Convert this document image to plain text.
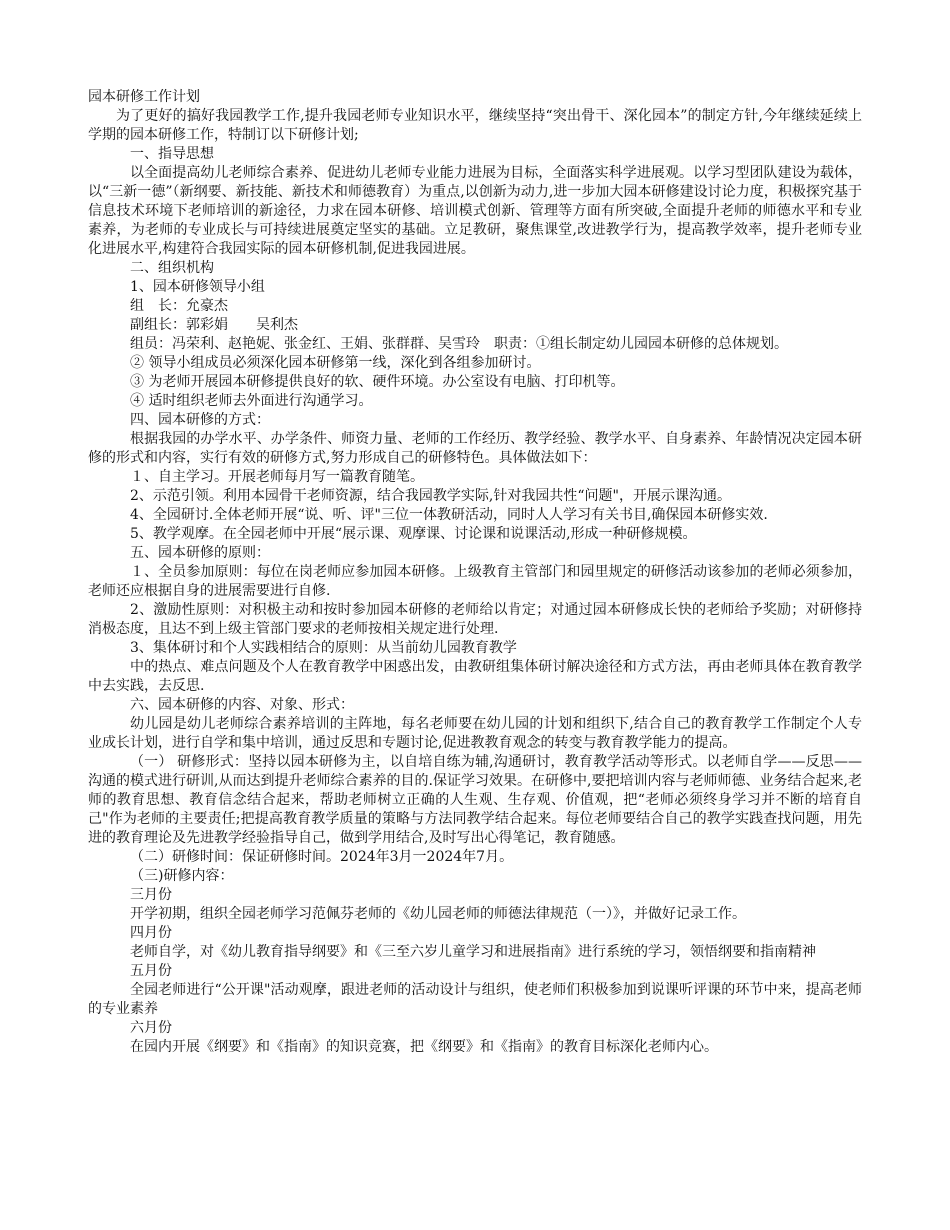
园本研修工作计划

为了更好的搞好我园教学工作,提升我园老师专业知识水平，继续坚持“突出骨干、深化园本”的制定方针,今年继续延续上学期的园本研修工作，特制订以下研修计划;

一、指导思想

以全面提高幼儿老师综合素养、促进幼儿老师专业能力进展为目标，全面落实科学进展观。以学习型团队建设为载体，以“三新一德”（新纲要、新技能、新技术和师德教育）为重点,以创新为动力,进一步加大园本研修建设讨论力度，积极探究基于信息技术环境下老师培训的新途径，力求在园本研修、培训模式创新、管理等方面有所突破,全面提升老师的师德水平和专业素养，为老师的专业成长与可持续进展奠定坚实的基础。立足教研，聚焦课堂,改进教学行为，提高教学效率，提升老师专业化进展水平,构建符合我园实际的园本研修机制,促进我园进展。

二、组织机构

1、园本研修领导小组

组　长：允豪杰

副组长：郭彩娟　　吴利杰

组员：冯荣利、赵艳妮、张金红、王娟、张群群、吴雪玲　职责：①组长制定幼儿园园本研修的总体规划。

② 领导小组成员必须深化园本研修第一线，深化到各组参加研讨。

③ 为老师开展园本研修提供良好的软、硬件环境。办公室设有电脑、打印机等。

④ 适时组织老师去外面进行沟通学习。

四、园本研修的方式：

根据我园的办学水平、办学条件、师资力量、老师的工作经历、教学经验、教学水平、自身素养、年龄情况决定园本研修的形式和内容，实行有效的研修方式,努力形成自己的研修特色。具体做法如下：

１、自主学习。开展老师每月写一篇教育随笔。

2、示范引领。利用本园骨干老师资源，结合我园教学实际,针对我园共性“问题"，开展示课沟通。

4、全园研讨.全体老师开展“说、听、评"三位一体教研活动，同时人人学习有关书目,确保园本研修实效.

5、教学观摩。在全园老师中开展“展示课、观摩课、讨论课和说课活动,形成一种研修规模。

五、园本研修的原则：

１、全员参加原则：每位在岗老师应参加园本研修。上级教育主管部门和园里规定的研修活动该参加的老师必须参加，老师还应根据自身的进展需要进行自修.

2、激励性原则：对积极主动和按时参加园本研修的老师给以肯定；对通过园本研修成长快的老师给予奖励；对研修持消极态度，且达不到上级主管部门要求的老师按相关规定进行处理.

3、集体研讨和个人实践相结合的原则：从当前幼儿园教育教学

中的热点、难点问题及个人在教育教学中困惑出发，由教研组集体研讨解决途径和方式方法，再由老师具体在教育教学中去实践，去反思.

六、园本研修的内容、对象、形式：

幼儿园是幼儿老师综合素养培训的主阵地，每名老师要在幼儿园的计划和组织下,结合自己的教育教学工作制定个人专业成长计划，进行自学和集中培训，通过反思和专题讨论,促进教教育观念的转变与教育教学能力的提高。

（一） 研修形式：坚持以园本研修为主，以自培自练为辅,沟通研讨，教育教学活动等形式。以老师自学——反思——沟通的模式进行研训,从而达到提升老师综合素养的目的.保证学习效果。在研修中,要把培训内容与老师师德、业务结合起来,老师的教育思想、教育信念结合起来，帮助老师树立正确的人生观、生存观、价值观，把“老师必须终身学习并不断的培育自己"作为老师的主要责任;把提高教育教学质量的策略与方法同教学结合起来。每位老师要结合自己的教学实践查找问题，用先进的教育理论及先进教学经验指导自己，做到学用结合,及时写出心得笔记，教育随感。

（二）研修时间：保证研修时间。2024年3月一2024年7月。

（三)研修内容：

三月份

开学初期，组织全园老师学习范佩芬老师的《幼儿园老师的师德法律规范（一）》，并做好记录工作。

四月份

老师自学，对《幼儿教育指导纲要》和《三至六岁儿童学习和进展指南》进行系统的学习，领悟纲要和指南精神

五月份

全园老师进行“公开课"活动观摩，跟进老师的活动设计与组织，使老师们积极参加到说课听评课的环节中来，提高老师的专业素养

六月份

在园内开展《纲要》和《指南》的知识竞赛，把《纲要》和《指南》的教育目标深化老师内心。
